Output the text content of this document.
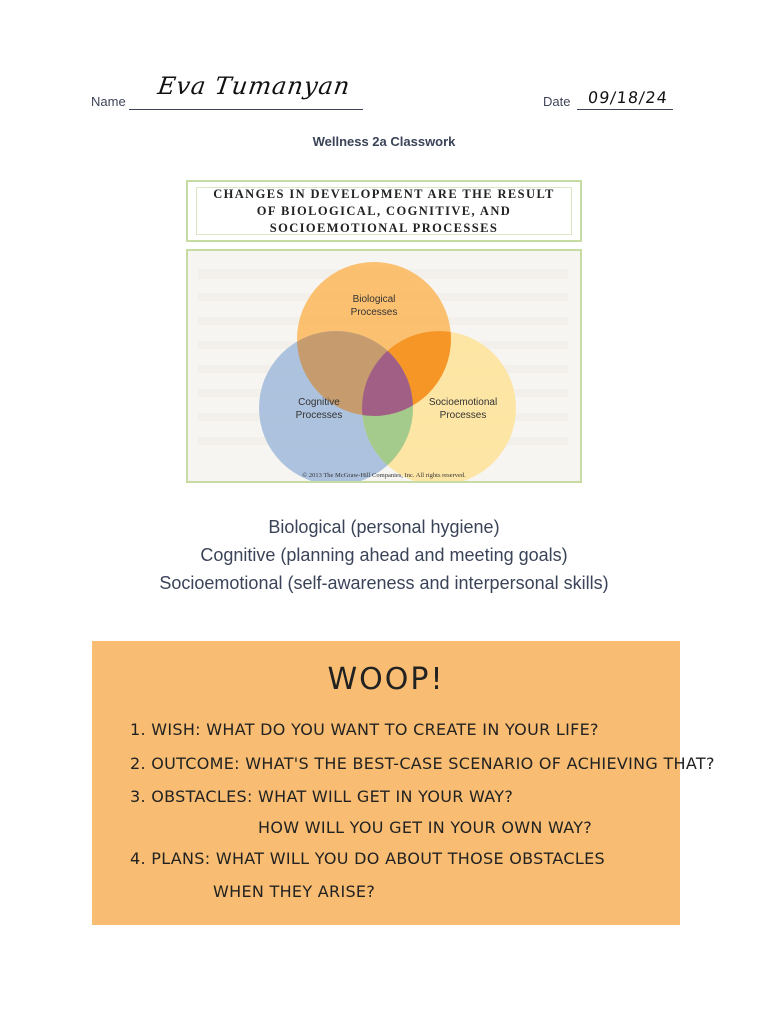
Name
Eva Tumanyan
Date 09/18/24
Wellness 2a Classwork
CHANGES IN DEVELOPMENT ARE THE RESULT
OF BIOLOGICAL, COGNITIVE, AND
SOCIOEMOTIONAL PROCESSES
Biological
Processes
Cognitive
Processes
Socioemotional
Processes
© 2013 The McGraw-Hill Companies, Inc. All rights reserved.
Biological (personal hygiene)
Cognitive (planning ahead and meeting goals)
Socioemotional (self-awareness and interpersonal skills)
WOOP!
1. WISH: WHAT DO YOU WANT TO CREATE IN YOUR LIFE?
2. OUTCOME: WHAT'S THE BEST-CASE SCENARIO OF ACHIEVING THAT?
3. OBSTACLES: WHAT WILL GET IN YOUR WAY?
HOW WILL YOU GET IN YOUR OWN WAY?
4. PLANS: WHAT WILL YOU DO ABOUT THOSE OBSTACLES
WHEN THEY ARISE?
